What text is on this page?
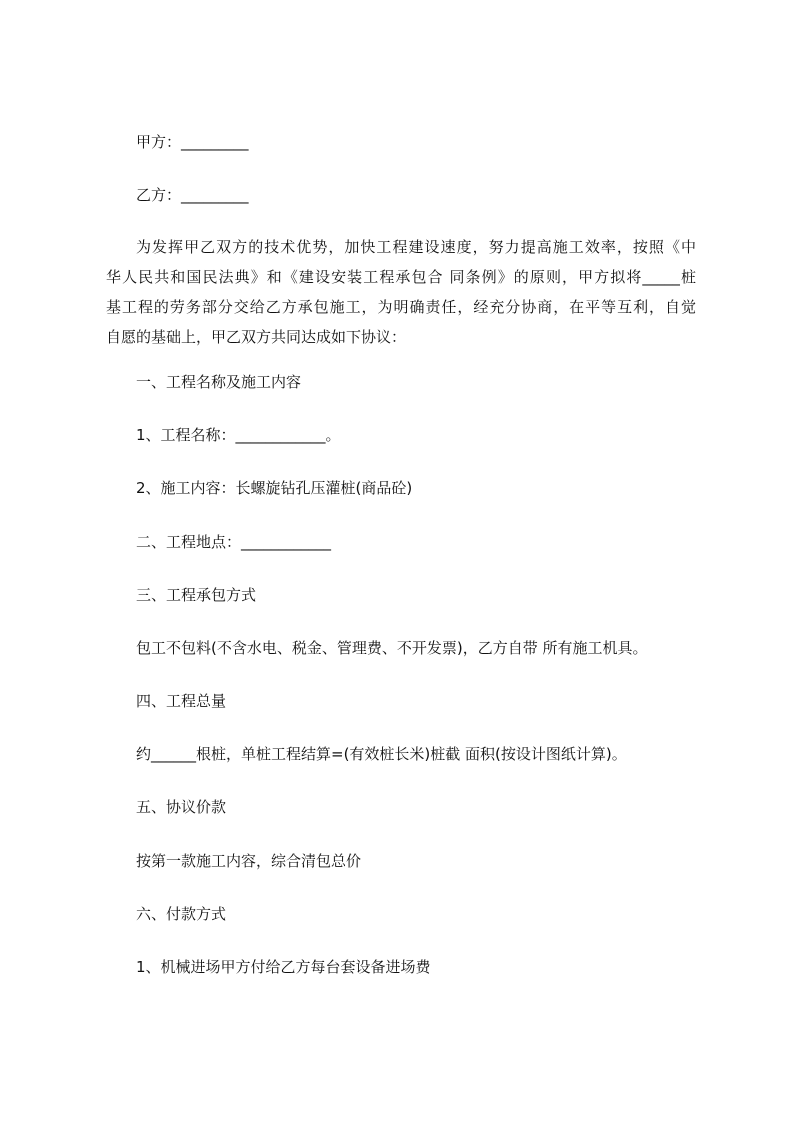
甲方：_________
乙方：_________
为发挥甲乙双方的技术优势，加快工程建设速度，努力提高施工效率，按照《中
华人民共和国民法典》和《建设安装工程承包合 同条例》的原则，甲方拟将_____桩
基工程的劳务部分交给乙方承包施工，为明确责任，经充分协商，在平等互利，自觉
自愿的基础上，甲乙双方共同达成如下协议：
一、工程名称及施工内容
1、工程名称：____________。
2、施工内容：长螺旋钻孔压灌桩(商品砼)
二、工程地点：____________
三、工程承包方式
包工不包料(不含水电、税金、管理费、不开发票)，乙方自带 所有施工机具。
四、工程总量
约______根桩，单桩工程结算=(有效桩长米)桩截 面积(按设计图纸计算)。
五、协议价款
按第一款施工内容，综合清包总价
六、付款方式
1、机械进场甲方付给乙方每台套设备进场费
